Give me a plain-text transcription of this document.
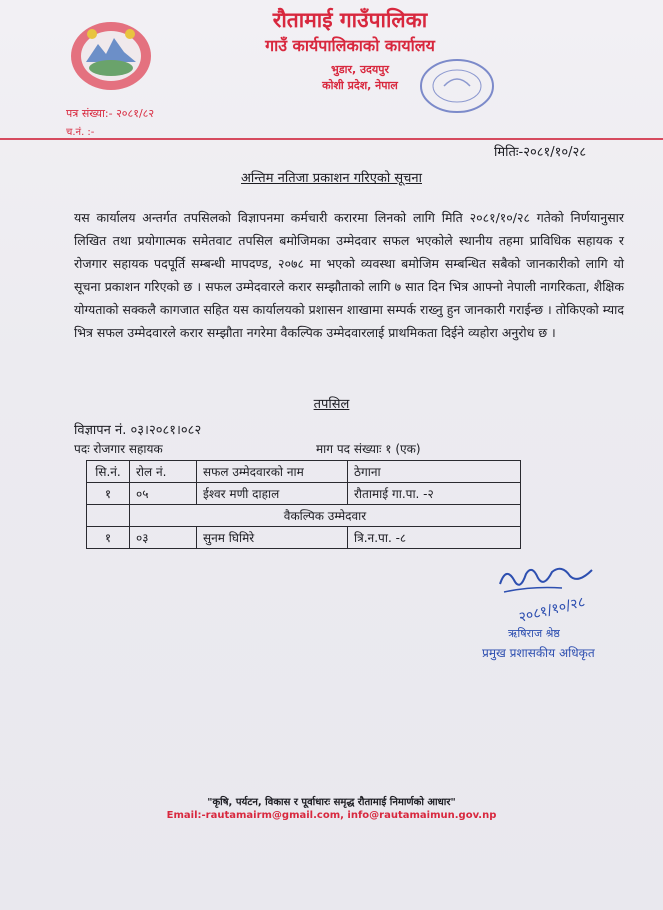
रौतामाई गाउँपालिका
गाउँ कार्यपालिकाको कार्यालय
भुडार, उदयपुर
कोशी प्रदेश, नेपाल
पत्र संख्या:- २०८१/८२
च.नं. :-
मितिः-२०८१/१०/२८
अन्तिम नतिजा प्रकाशन गरिएको सूचना
यस कार्यालय अन्तर्गत तपसिलको विज्ञापनमा कर्मचारी करारमा लिनको लागि मिति २०८१/१०/२८ गतेको निर्णयानुसार लिखित तथा प्रयोगात्मक समेतवाट तपसिल बमोजिमका उम्मेदवार सफल भएकोले स्थानीय तहमा प्राविधिक सहायक र रोजगार सहायक पदपूर्ति सम्बन्धी मापदण्ड, २०७८ मा भएको व्यवस्था बमोजिम सम्बन्धित सबैको जानकारीको लागि यो सूचना प्रकाशन गरिएको छ । सफल उम्मेदवारले करार सम्झौताको लागि ७ सात दिन भित्र आफ्नो नेपाली नागरिकता, शैक्षिक योग्यताको सक्कलै कागजात सहित यस कार्यालयको प्रशासन शाखामा सम्पर्क राख्नु हुन जानकारी गराईन्छ । तोकिएको म्याद भित्र सफल उम्मेदवारले करार सम्झौता नगरेमा वैकल्पिक उम्मेदवारलाई प्राथमिकता दिईने व्यहोरा अनुरोध छ ।
तपसिल
विज्ञापन नं. ०३।२०८१।०८२
पदः रोजगार सहायक	माग पद संख्याः १ (एक)
सि.नं.	रोल नं.	सफल उम्मेदवारको नाम	ठेगाना
१	०५	ईश्वर मणी दाहाल	रौतामाई गा.पा. -२
	वैकल्पिक उम्मेदवार		
१	०३	सुनम घिमिरे	त्रि.न.पा. -८
२०८१/१०/२८
ऋषिराज श्रेष्ठ
प्रमुख प्रशासकीय अधिकृत
"कृषि, पर्यटन, विकास र पूर्वाधारः समृद्ध रौतामाई निमार्णको आधार"
Email:-rautamairm@gmail.com, info@rautamaimun.gov.np
